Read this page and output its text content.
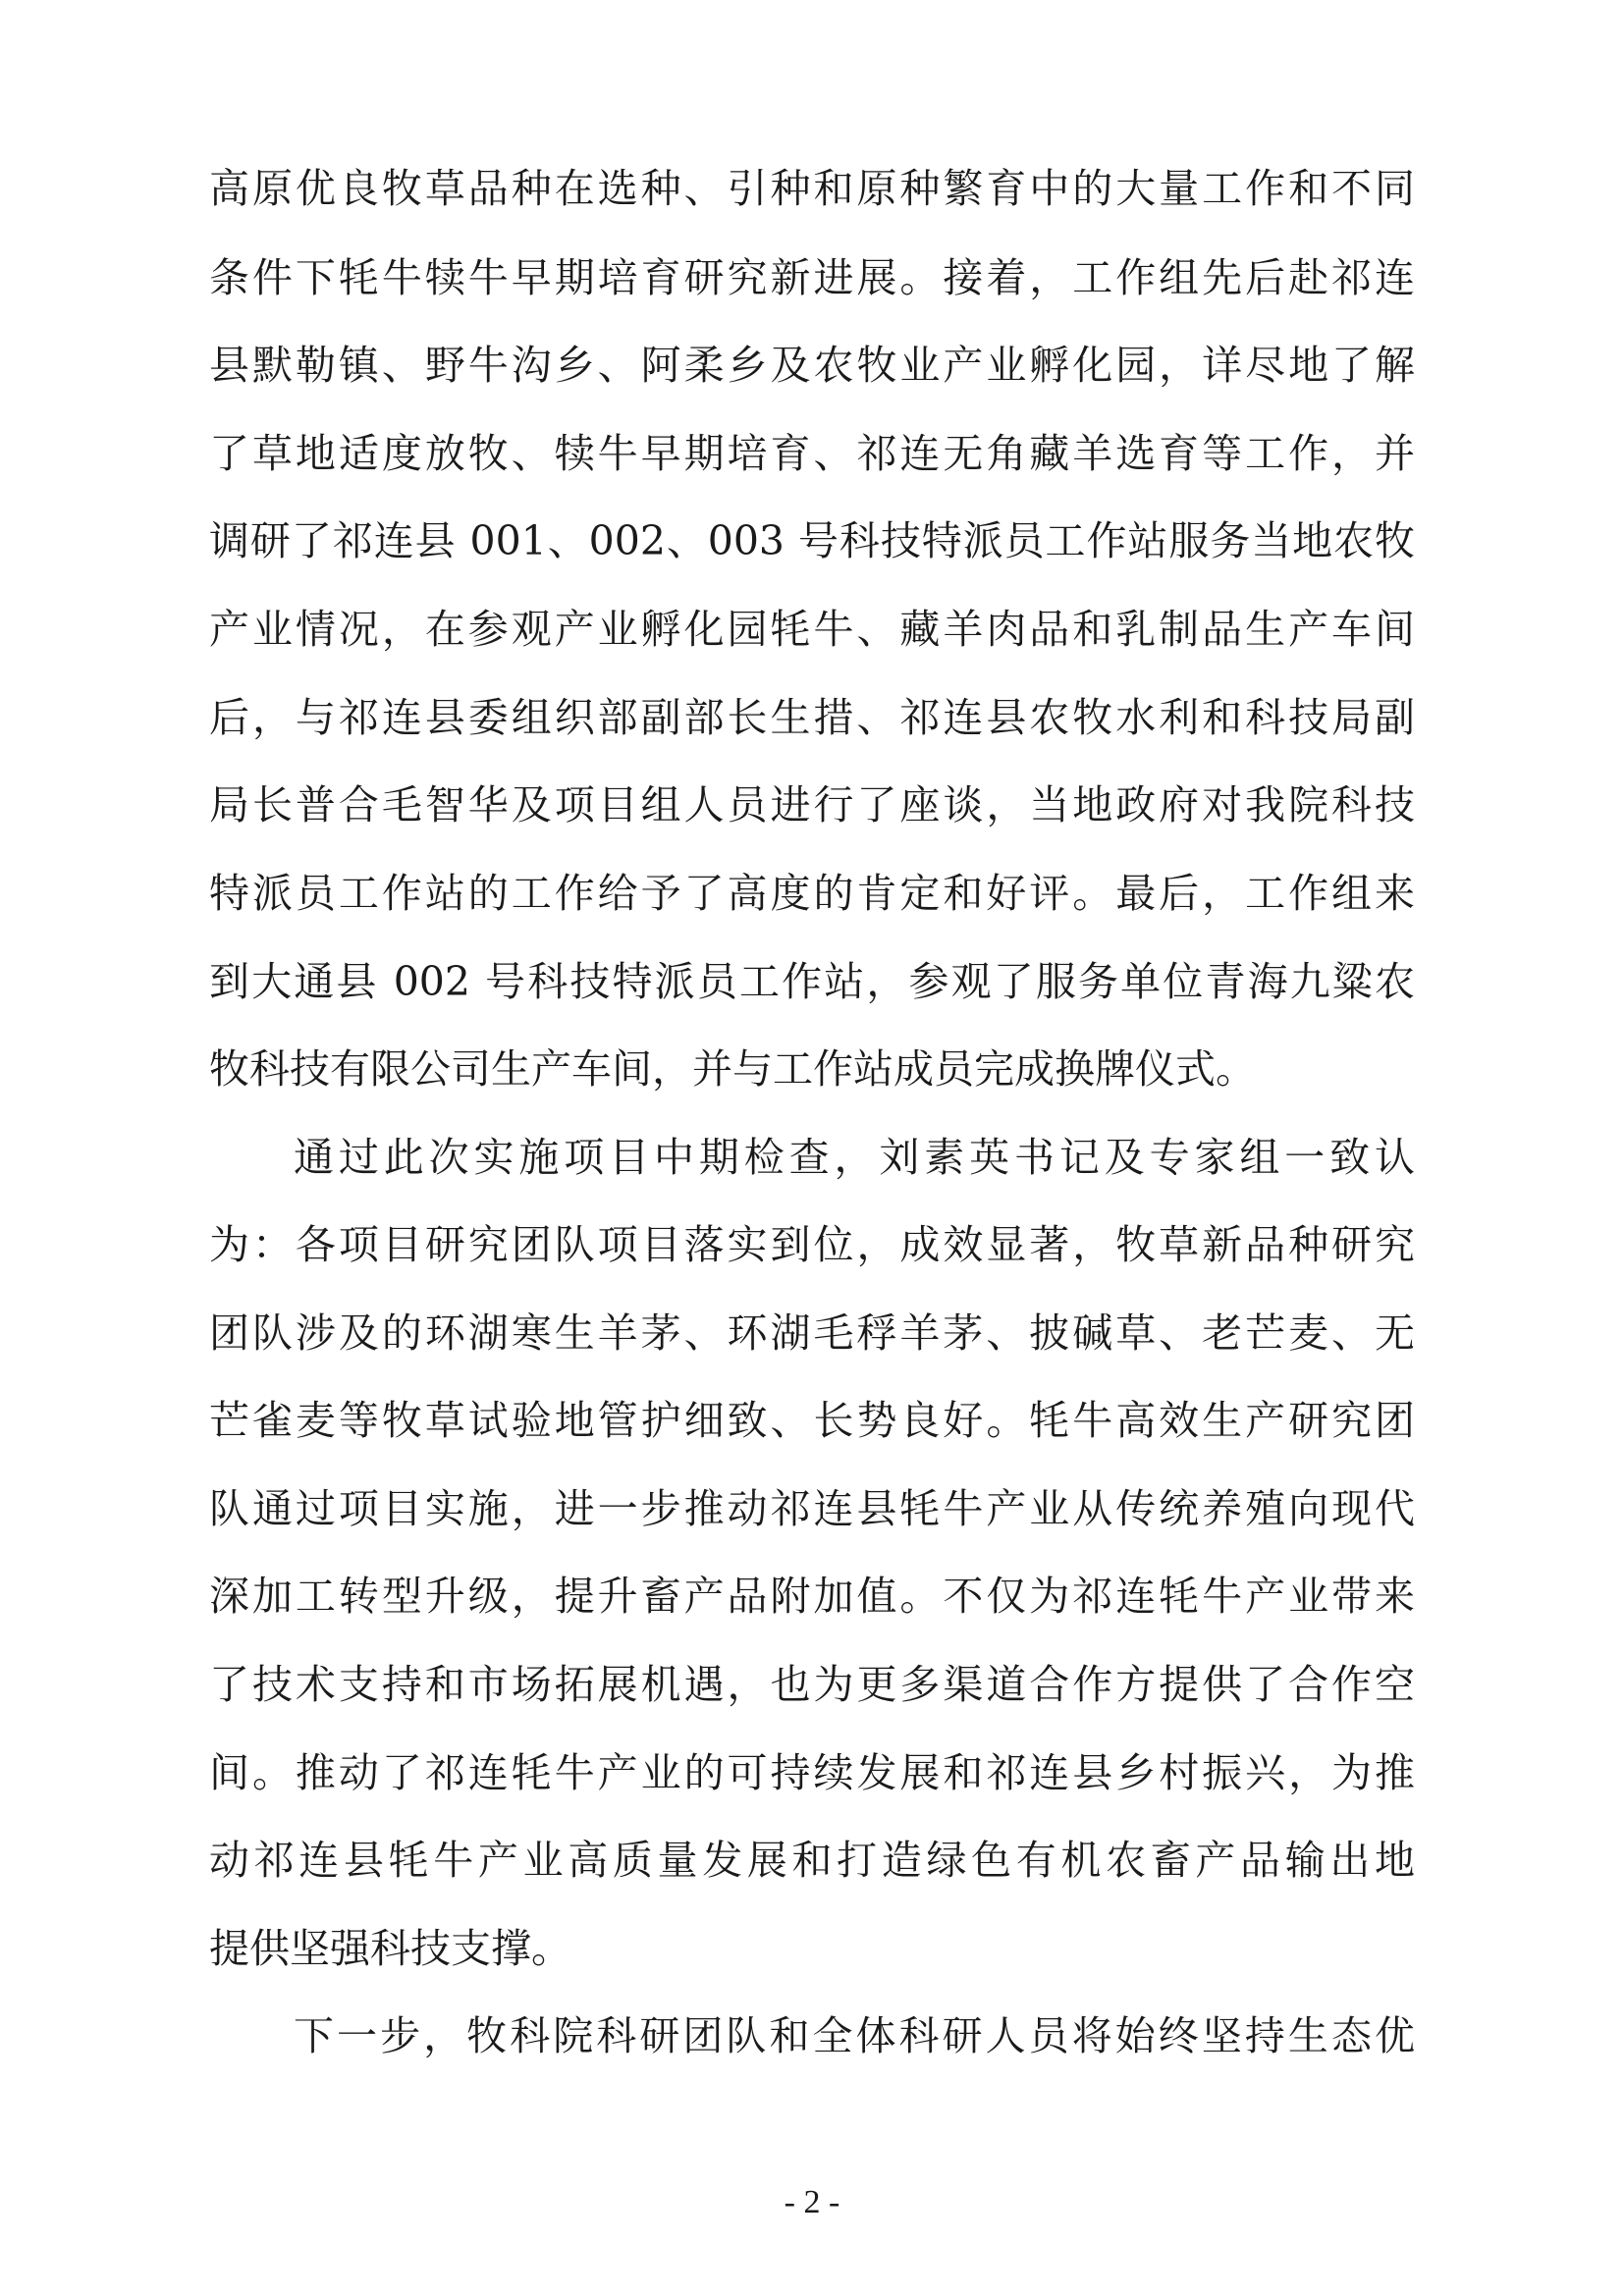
高原优良牧草品种在选种、引种和原种繁育中的大量工作和不同
条件下牦牛犊牛早期培育研究新进展。接着，工作组先后赴祁连
县默勒镇、野牛沟乡、阿柔乡及农牧业产业孵化园，详尽地了解
了草地适度放牧、犊牛早期培育、祁连无角藏羊选育等工作，并
调研了祁连县 001、002、003 号科技特派员工作站服务当地农牧
产业情况，在参观产业孵化园牦牛、藏羊肉品和乳制品生产车间
后，与祁连县委组织部副部长生措、祁连县农牧水利和科技局副
局长普合毛智华及项目组人员进行了座谈，当地政府对我院科技
特派员工作站的工作给予了高度的肯定和好评。最后，工作组来
到大通县 002 号科技特派员工作站，参观了服务单位青海九粱农
牧科技有限公司生产车间，并与工作站成员完成换牌仪式。
通过此次实施项目中期检查，刘素英书记及专家组一致认
为：各项目研究团队项目落实到位，成效显著，牧草新品种研究
团队涉及的环湖寒生羊茅、环湖毛稃羊茅、披碱草、老芒麦、无
芒雀麦等牧草试验地管护细致、长势良好。牦牛高效生产研究团
队通过项目实施，进一步推动祁连县牦牛产业从传统养殖向现代
深加工转型升级，提升畜产品附加值。不仅为祁连牦牛产业带来
了技术支持和市场拓展机遇，也为更多渠道合作方提供了合作空
间。推动了祁连牦牛产业的可持续发展和祁连县乡村振兴，为推
动祁连县牦牛产业高质量发展和打造绿色有机农畜产品输出地
提供坚强科技支撑。
下一步，牧科院科研团队和全体科研人员将始终坚持生态优
- 2 -
